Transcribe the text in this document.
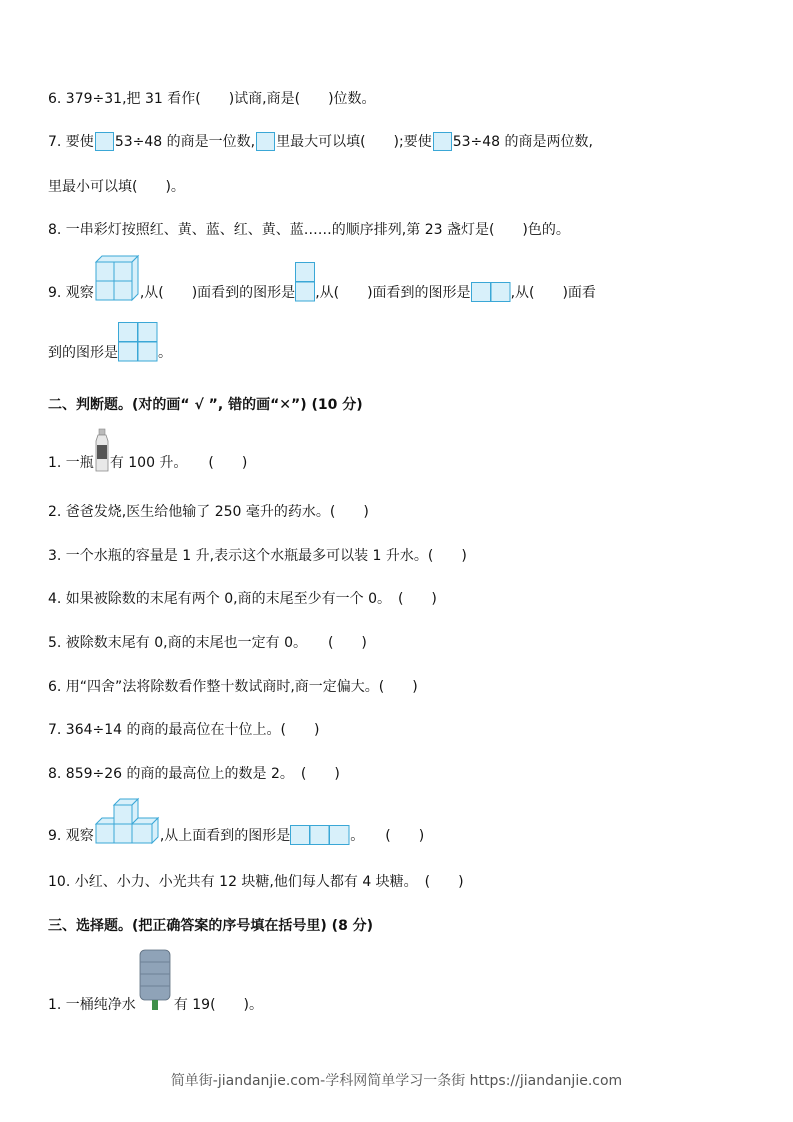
6. 379÷31,把 31 看作(　　)试商,商是(　　)位数。
7. 要使 53÷48 的商是一位数, 里最大可以填(　　);要使 53÷48 的商是两位数,
里最小可以填(　　)。
8. 一串彩灯按照红、黄、蓝、红、黄、蓝……的顺序排列,第 23 盏灯是(　　)色的。
9. 观察	,从(　　)面看到的图形是 ,从(　　)面看到的图形是	,从(　　)面看
到的图形是	。
二、判断题。(对的画“ √ ”, 错的画“✕”) (10 分)
1. 一瓶 有 100 升。　　(　　)
2. 爸爸发烧,医生给他输了 250 毫升的药水。(　　)
3. 一个水瓶的容量是 1 升,表示这个水瓶最多可以装 1 升水。(　　)
4. 如果被除数的末尾有两个 0,商的末尾至少有一个 0。　(　　)
5. 被除数末尾有 0,商的末尾也一定有 0。　　(　　)
6. 用“四舍”法将除数看作整十数试商时,商一定偏大。(　　)
7. 364÷14 的商的最高位在十位上。(　　)
8. 859÷26 的商的最高位上的数是 2。　(　　)
9. 观察	,从上面看到的图形是	。　　(　　)
10. 小红、小力、小光共有 12 块糖,他们每人都有 4 块糖。　(　　)
三、选择题。(把正确答案的序号填在括号里) (8 分)
1. 一桶纯净水	有 19(　　)。
简单街-jiandanjie.com-学科网简单学习一条街 https://jiandanjie.com
